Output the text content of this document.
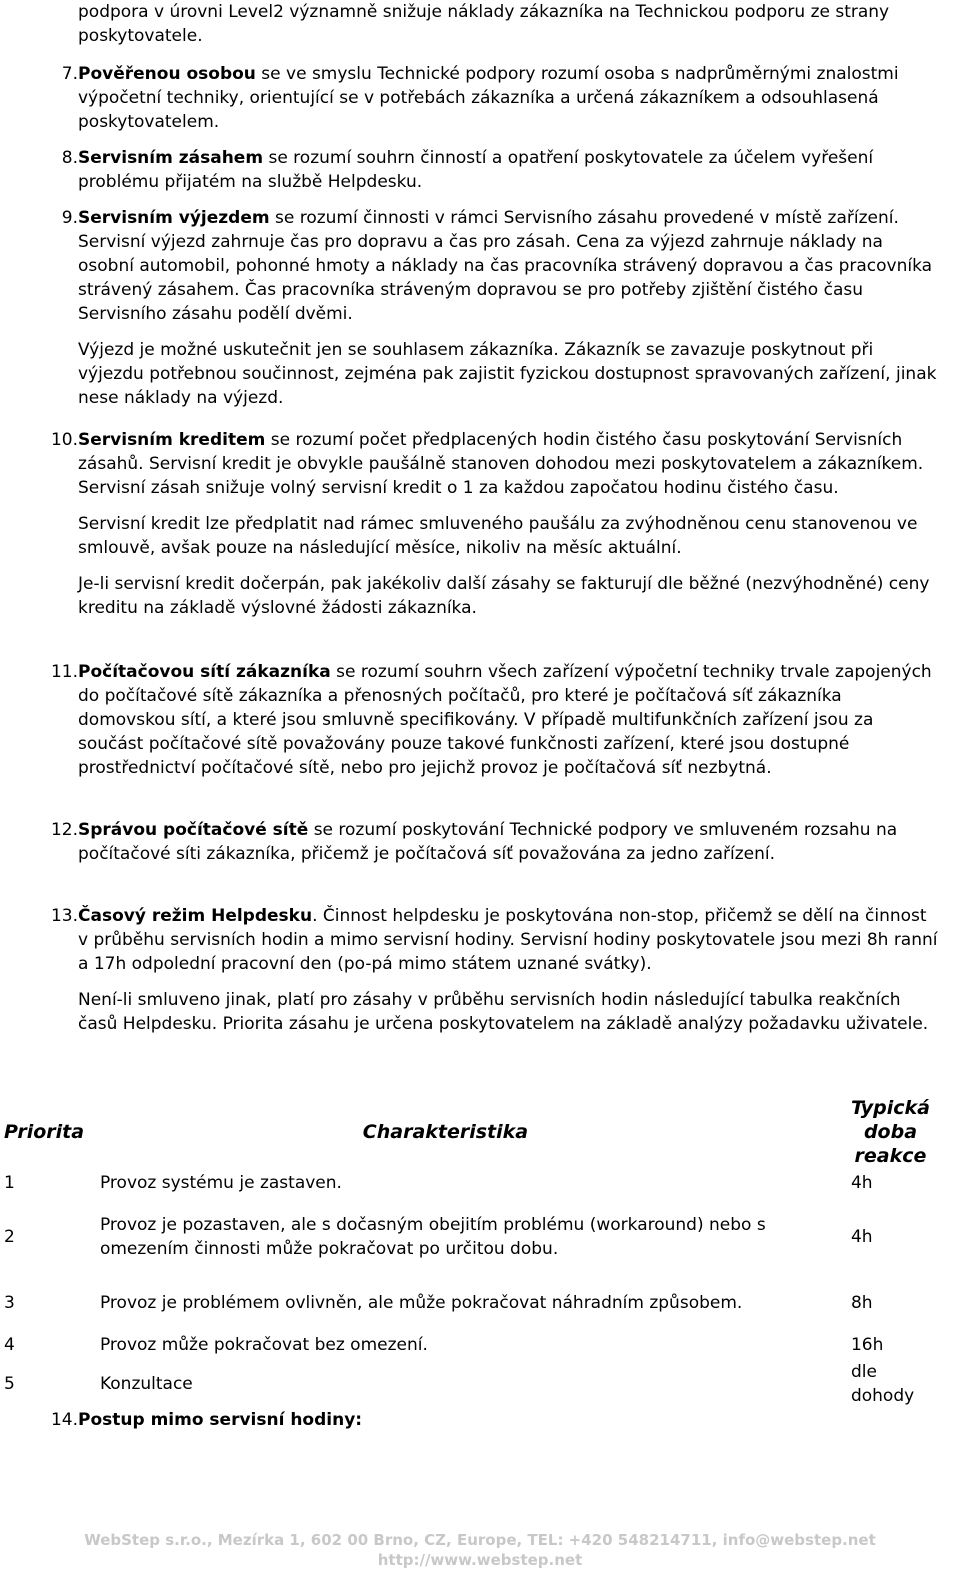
podpora v úrovni Level2 významně snižuje náklady zákazníka na Technickou podporu ze strany poskytovatele.

7. Pověřenou osobou se ve smyslu Technické podpory rozumí osoba s nadprůměrnými znalostmi výpočetní techniky, orientující se v potřebách zákazníka a určená zákazníkem a odsouhlasená poskytovatelem.

8. Servisním zásahem se rozumí souhrn činností a opatření poskytovatele za účelem vyřešení problému přijatém na službě Helpdesku.

9. Servisním výjezdem se rozumí činnosti v rámci Servisního zásahu provedené v místě zařízení. Servisní výjezd zahrnuje čas pro dopravu a čas pro zásah. Cena za výjezd zahrnuje náklady na osobní automobil, pohonné hmoty a náklady na čas pracovníka strávený dopravou a čas pracovníka strávený zásahem. Čas pracovníka stráveným dopravou se pro potřeby zjištění čistého času Servisního zásahu podělí dvěmi.

Výjezd je možné uskutečnit jen se souhlasem zákazníka. Zákazník se zavazuje poskytnout při výjezdu potřebnou součinnost, zejména pak zajistit fyzickou dostupnost spravovaných zařízení, jinak nese náklady na výjezd.

10. Servisním kreditem se rozumí počet předplacených hodin čistého času poskytování Servisních zásahů. Servisní kredit je obvykle paušálně stanoven dohodou mezi poskytovatelem a zákazníkem. Servisní zásah snižuje volný servisní kredit o 1 za každou započatou hodinu čistého času.

Servisní kredit lze předplatit nad rámec smluveného paušálu za zvýhodněnou cenu stanovenou ve smlouvě, avšak pouze na následující měsíce, nikoliv na měsíc aktuální.

Je-li servisní kredit dočerpán, pak jakékoliv další zásahy se fakturují dle běžné (nezvýhodněné) ceny kreditu na základě výslovné žádosti zákazníka.

11. Počítačovou sítí zákazníka se rozumí souhrn všech zařízení výpočetní techniky trvale zapojených do počítačové sítě zákazníka a přenosných počítačů, pro které je počítačová síť zákazníka domovskou sítí, a které jsou smluvně specifikovány. V případě multifunkčních zařízení jsou za součást počítačové sítě považovány pouze takové funkčnosti zařízení, které jsou dostupné prostřednictví počítačové sítě, nebo pro jejichž provoz je počítačová síť nezbytná.

12. Správou počítačové sítě se rozumí poskytování Technické podpory ve smluveném rozsahu na počítačové síti zákazníka, přičemž je počítačová síť považována za jedno zařízení.

13. Časový režim Helpdesku. Činnost helpdesku je poskytována non-stop, přičemž se dělí na činnost v průběhu servisních hodin a mimo servisní hodiny. Servisní hodiny poskytovatele jsou mezi 8h ranní a 17h odpolední pracovní den (po-pá mimo státem uznané svátky).

Není-li smluveno jinak, platí pro zásahy v průběhu servisních hodin následující tabulka reakčních časů Helpdesku. Priorita zásahu je určena poskytovatelem na základě analýzy požadavku uživatele.

Priorita	Charakteristika	Typická doba reakce
1	Provoz systému je zastaven.	4h
2	Provoz je pozastaven, ale s dočasným obejitím problému (workaround) nebo s omezením činnosti může pokračovat po určitou dobu.	4h
3	Provoz je problémem ovlivněn, ale může pokračovat náhradním způsobem.	8h
4	Provoz může pokračovat bez omezení.	16h
5	Konzultace	dle dohody
14. Postup mimo servisní hodiny:

WebStep s.r.o., Mezírka 1, 602 00 Brno, CZ, Europe, TEL: +420 548214711, info@webstep.net
http://www.webstep.net
